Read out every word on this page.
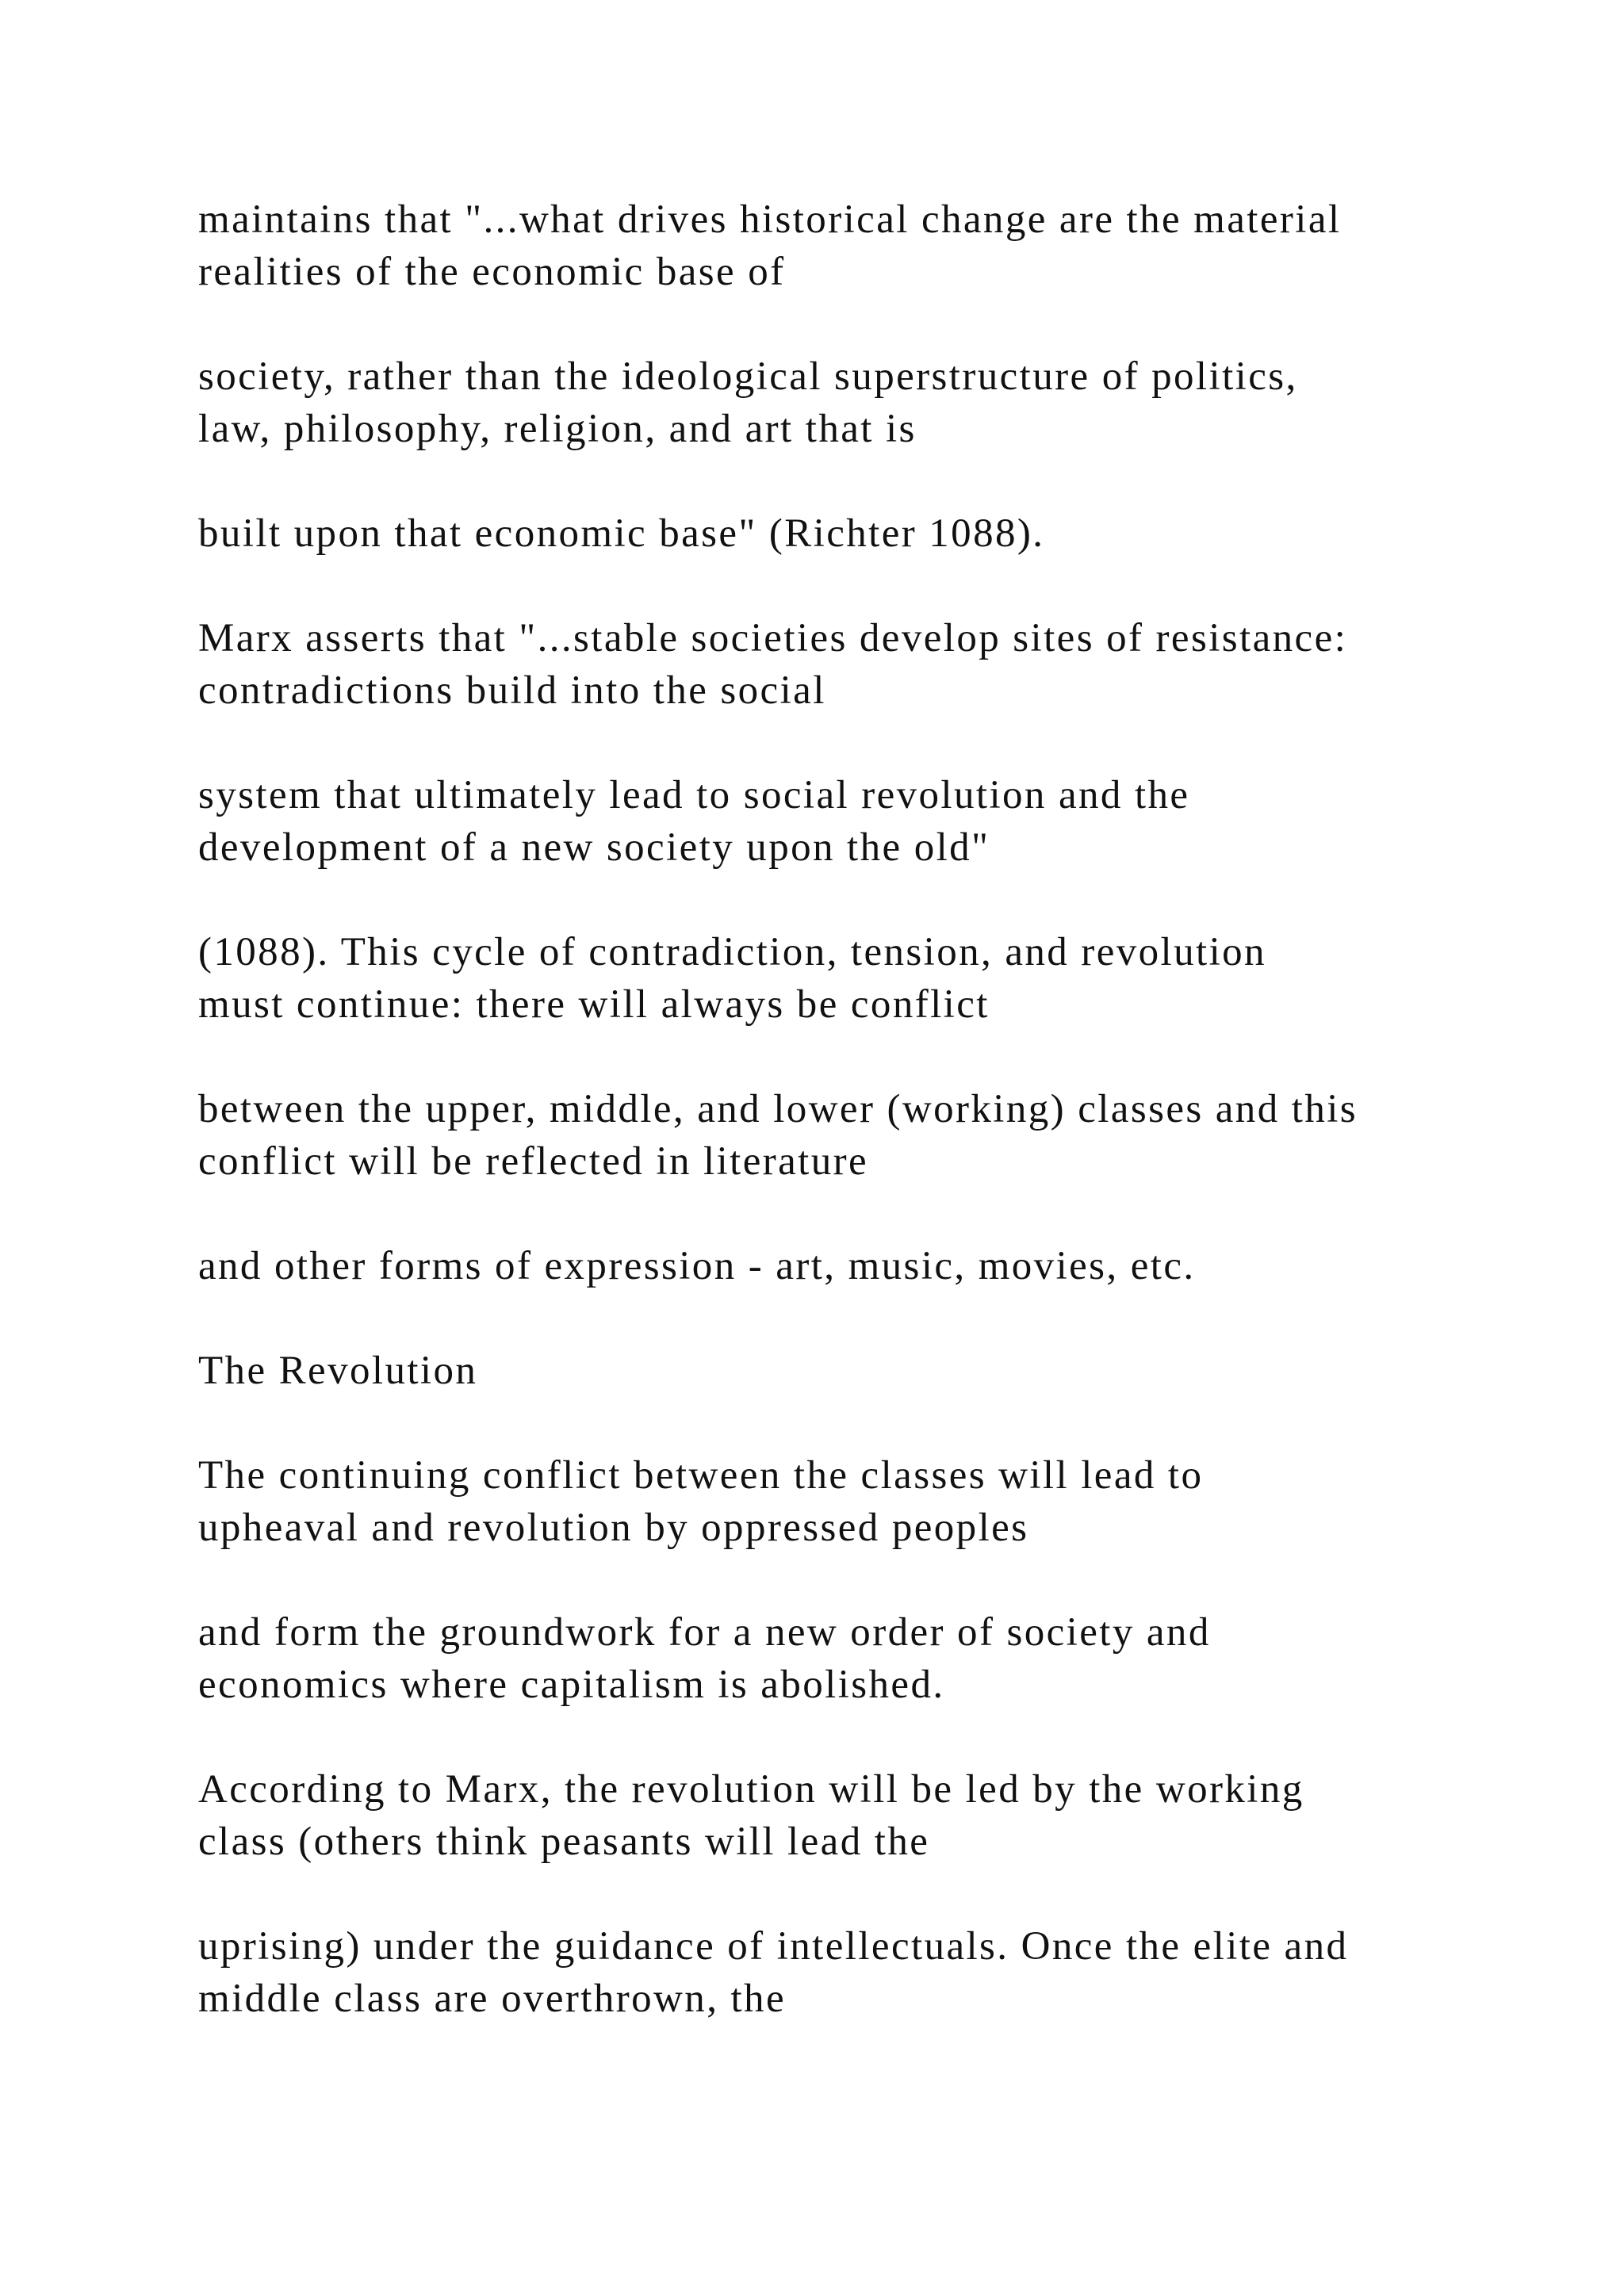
maintains that "...what drives historical change are the material
realities of the economic base of

society, rather than the ideological superstructure of politics,
law, philosophy, religion, and art that is

built upon that economic base" (Richter 1088).

Marx asserts that "...stable societies develop sites of resistance:
contradictions build into the social

system that ultimately lead to social revolution and the
development of a new society upon the old"

(1088). This cycle of contradiction, tension, and revolution
must continue: there will always be conflict

between the upper, middle, and lower (working) classes and this
conflict will be reflected in literature

and other forms of expression - art, music, movies, etc.

The Revolution

The continuing conflict between the classes will lead to
upheaval and revolution by oppressed peoples

and form the groundwork for a new order of society and
economics where capitalism is abolished.

According to Marx, the revolution will be led by the working
class (others think peasants will lead the

uprising) under the guidance of intellectuals. Once the elite and
middle class are overthrown, the
